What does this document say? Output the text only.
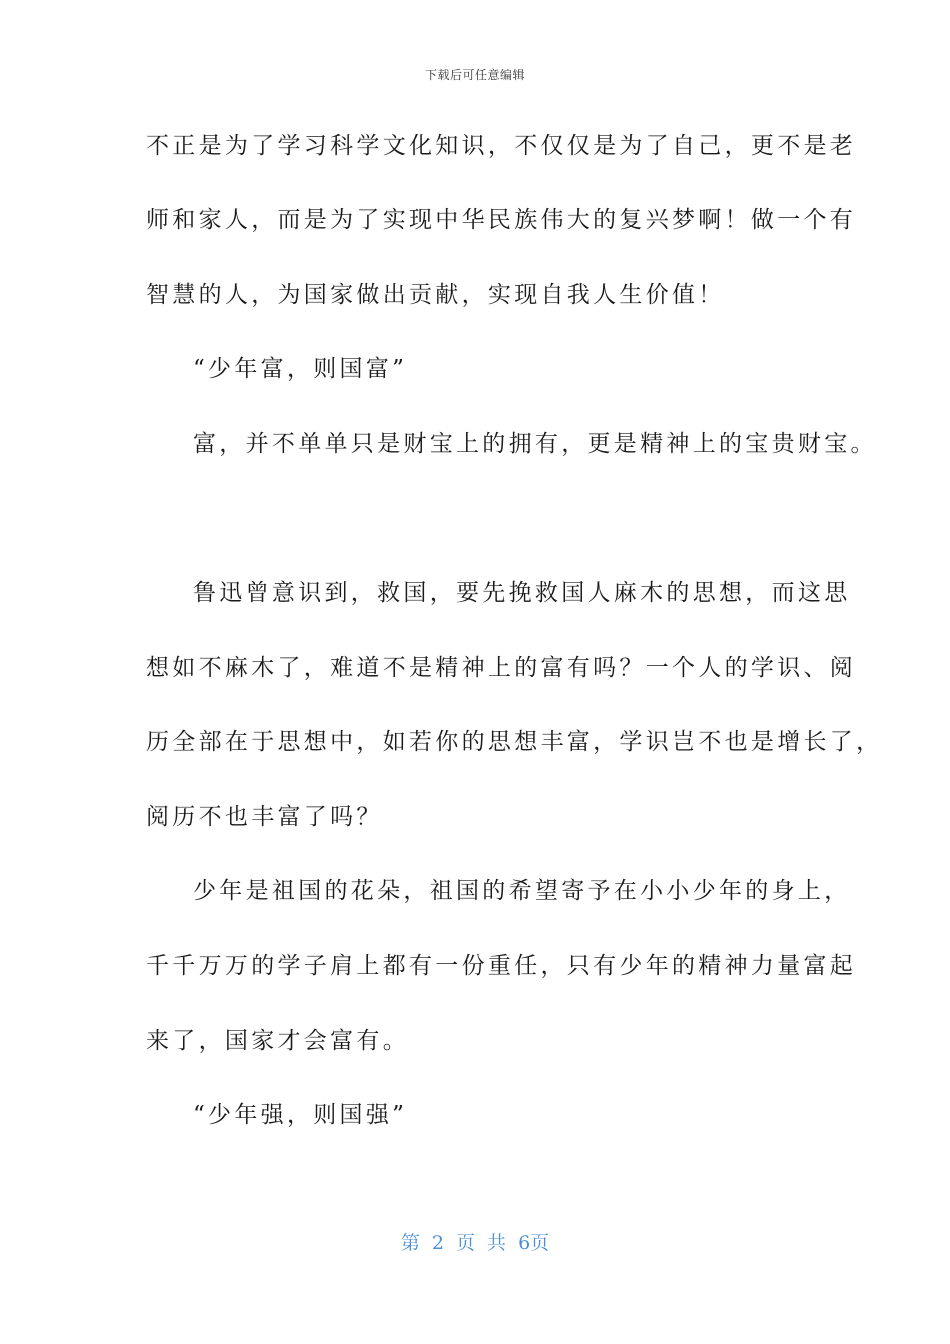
下载后可任意编辑
不正是为了学习科学文化知识，不仅仅是为了自己，更不是老
师和家人，而是为了实现中华民族伟大的复兴梦啊！做一个有
智慧的人，为国家做出贡献，实现自我人生价值！
“少年富，则国富”
富，并不单单只是财宝上的拥有，更是精神上的宝贵财宝。
鲁迅曾意识到，救国，要先挽救国人麻木的思想，而这思
想如不麻木了，难道不是精神上的富有吗？一个人的学识、阅
历全部在于思想中，如若你的思想丰富，学识岂不也是增长了，
阅历不也丰富了吗？
少年是祖国的花朵，祖国的希望寄予在小小少年的身上，
千千万万的学子肩上都有一份重任，只有少年的精神力量富起
来了，国家才会富有。
“少年强，则国强”
第 2 页 共 6页
